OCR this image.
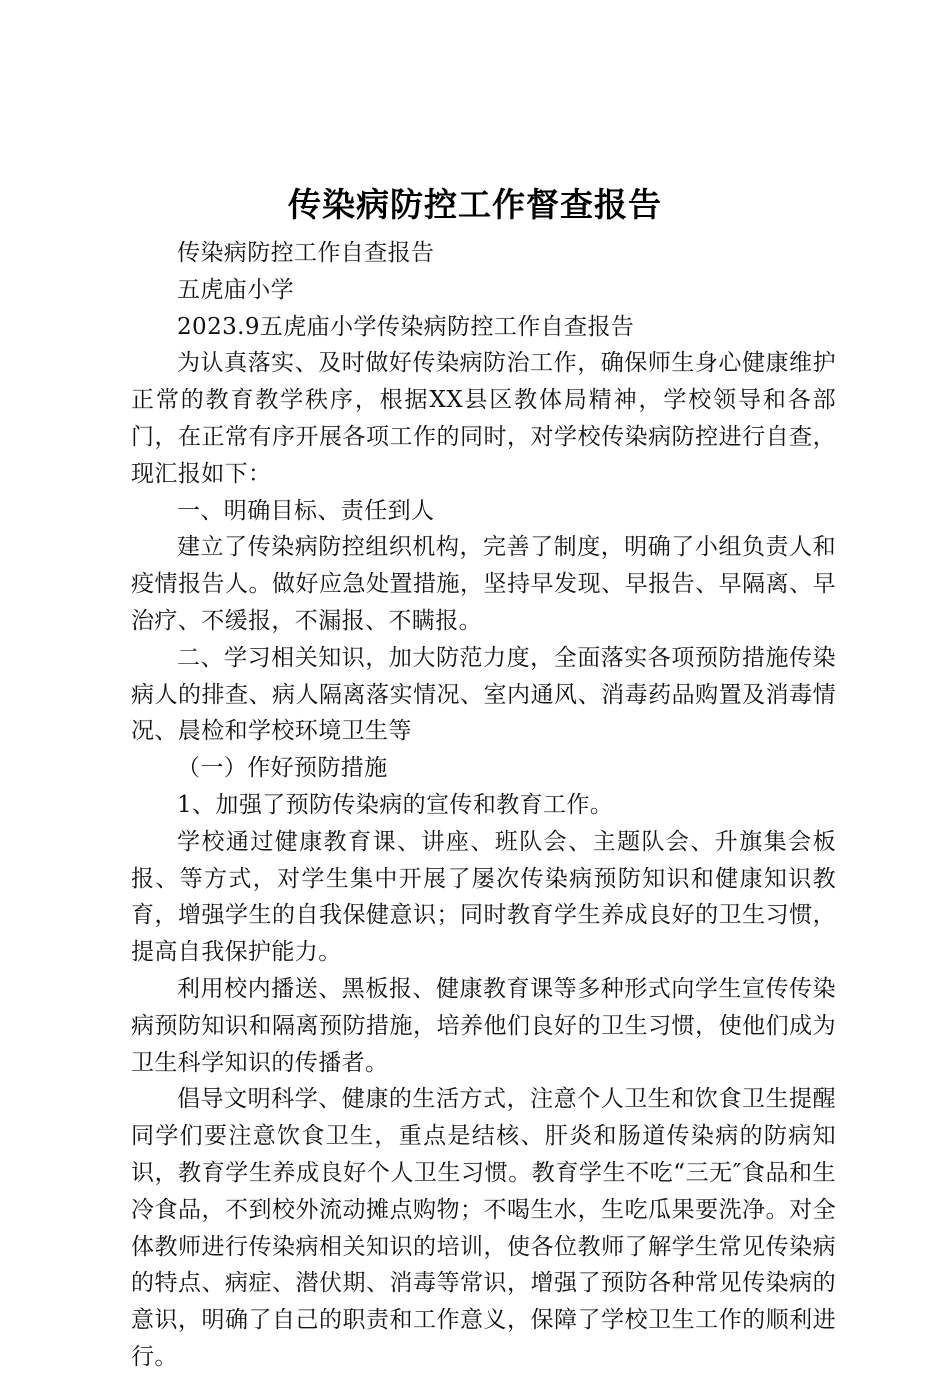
传染病防控工作督查报告

传染病防控工作自查报告

五虎庙小学

2023.9五虎庙小学传染病防控工作自查报告

为认真落实、及时做好传染病防治工作，确保师生身心健康维护正常的教育教学秩序，根据XX县区教体局精神，学校领导和各部门，在正常有序开展各项工作的同时，对学校传染病防控进行自查，现汇报如下：

一、明确目标、责任到人

建立了传染病防控组织机构，完善了制度，明确了小组负责人和疫情报告人。做好应急处置措施，坚持早发现、早报告、早隔离、早治疗、不缓报，不漏报、不瞒报。

二、学习相关知识，加大防范力度，全面落实各项预防措施传染病人的排查、病人隔离落实情况、室内通风、消毒药品购置及消毒情况、晨检和学校环境卫生等

（一）作好预防措施

1、加强了预防传染病的宣传和教育工作。

学校通过健康教育课、讲座、班队会、主题队会、升旗集会板报、等方式，对学生集中开展了屡次传染病预防知识和健康知识教育，增强学生的自我保健意识；同时教育学生养成良好的卫生习惯，提高自我保护能力。

利用校内播送、黑板报、健康教育课等多种形式向学生宣传传染病预防知识和隔离预防措施，培养他们良好的卫生习惯，使他们成为卫生科学知识的传播者。

倡导文明科学、健康的生活方式，注意个人卫生和饮食卫生提醒同学们要注意饮食卫生，重点是结核、肝炎和肠道传染病的防病知识，教育学生养成良好个人卫生习惯。教育学生不吃“三无″食品和生冷食品，不到校外流动摊点购物；不喝生水，生吃瓜果要洗净。对全体教师进行传染病相关知识的培训，使各位教师了解学生常见传染病的特点、病症、潜伏期、消毒等常识，增强了预防各种常见传染病的意识，明确了自己的职责和工作意义，保障了学校卫生工作的顺利进行。
